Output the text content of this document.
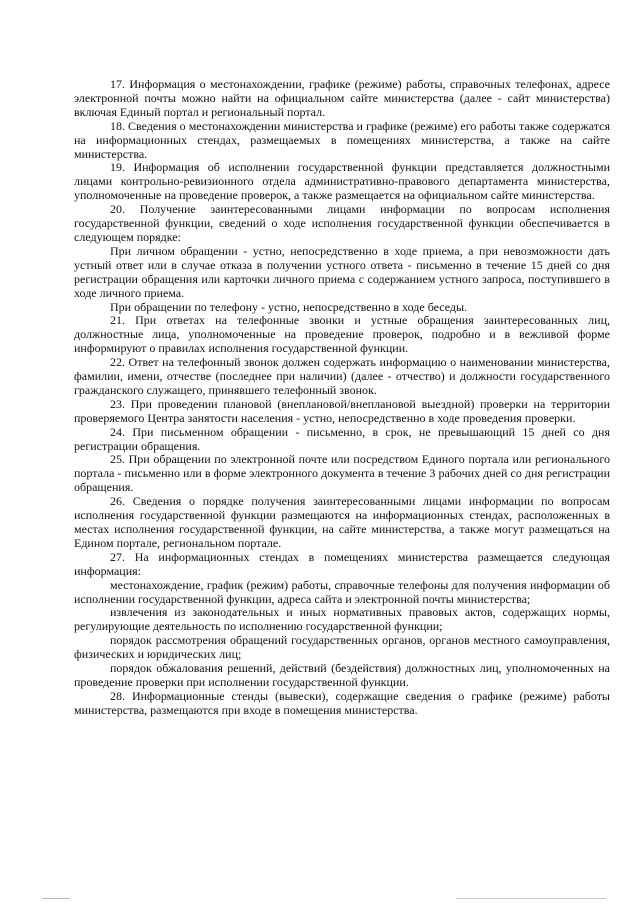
17. Информация о местонахождении, графике (режиме) работы, справочных телефонах, адресе электронной почты можно найти на официальном сайте министерства (далее - сайт министерства) включая Единый портал и региональный портал.

18. Сведения о местонахождении министерства и графике (режиме) его работы также содержатся на информационных стендах, размещаемых в помещениях министерства, а также на сайте министерства.

19. Информация об исполнении государственной функции представляется должностными лицами контрольно-ревизионного отдела административно-правового департамента министерства, уполномоченные на проведение проверок, а также размещается на официальном сайте министерства.

20. Получение заинтересованными лицами информации по вопросам исполнения государственной функции, сведений о ходе исполнения государственной функции обеспечивается в следующем порядке:

При личном обращении - устно, непосредственно в ходе приема, а при невозможности дать устный ответ или в случае отказа в получении устного ответа - письменно в течение 15 дней со дня регистрации обращения или карточки личного приема с содержанием устного запроса, поступившего в ходе личного приема.

При обращении по телефону - устно, непосредственно в ходе беседы.

21. При ответах на телефонные звонки и устные обращения заинтересованных лиц, должностные лица, уполномоченные на проведение проверок, подробно и в вежливой форме информируют о правилах исполнения государственной функции.

22. Ответ на телефонный звонок должен содержать информацию о наименовании министерства, фамилии, имени, отчестве (последнее при наличии) (далее - отчество) и должности государственного гражданского служащего, принявшего телефонный звонок.

23. При проведении плановой (внеплановой/внеплановой выездной) проверки на территории проверяемого Центра занятости населения - устно, непосредственно в ходе проведения проверки.

24. При письменном обращении - письменно, в срок, не превышающий 15 дней со дня регистрации обращения.

25. При обращении по электронной почте или посредством Единого портала или регионального портала - письменно или в форме электронного документа в течение 3 рабочих дней со дня регистрации обращения.

26. Сведения о порядке получения заинтересованными лицами информации по вопросам исполнения государственной функции размещаются на информационных стендах, расположенных в местах исполнения государственной функции, на сайте министерства, а также могут размещаться на Едином портале, региональном портале.

27. На информационных стендах в помещениях министерства размещается следующая информация:

местонахождение, график (режим) работы, справочные телефоны для получения информации об исполнении государственной функции, адреса сайта и электронной почты министерства;

извлечения из законодательных и иных нормативных правовых актов, содержащих нормы, регулирующие деятельность по исполнению государственной функции;

порядок рассмотрения обращений государственных органов, органов местного самоуправления, физических и юридических лиц;

порядок обжалования решений, действий (бездействия) должностных лиц, уполномоченных на проведение проверки при исполнении государственной функции.

28. Информационные стенды (вывески), содержащие сведения о графике (режиме) работы министерства, размещаются при входе в помещения министерства.
